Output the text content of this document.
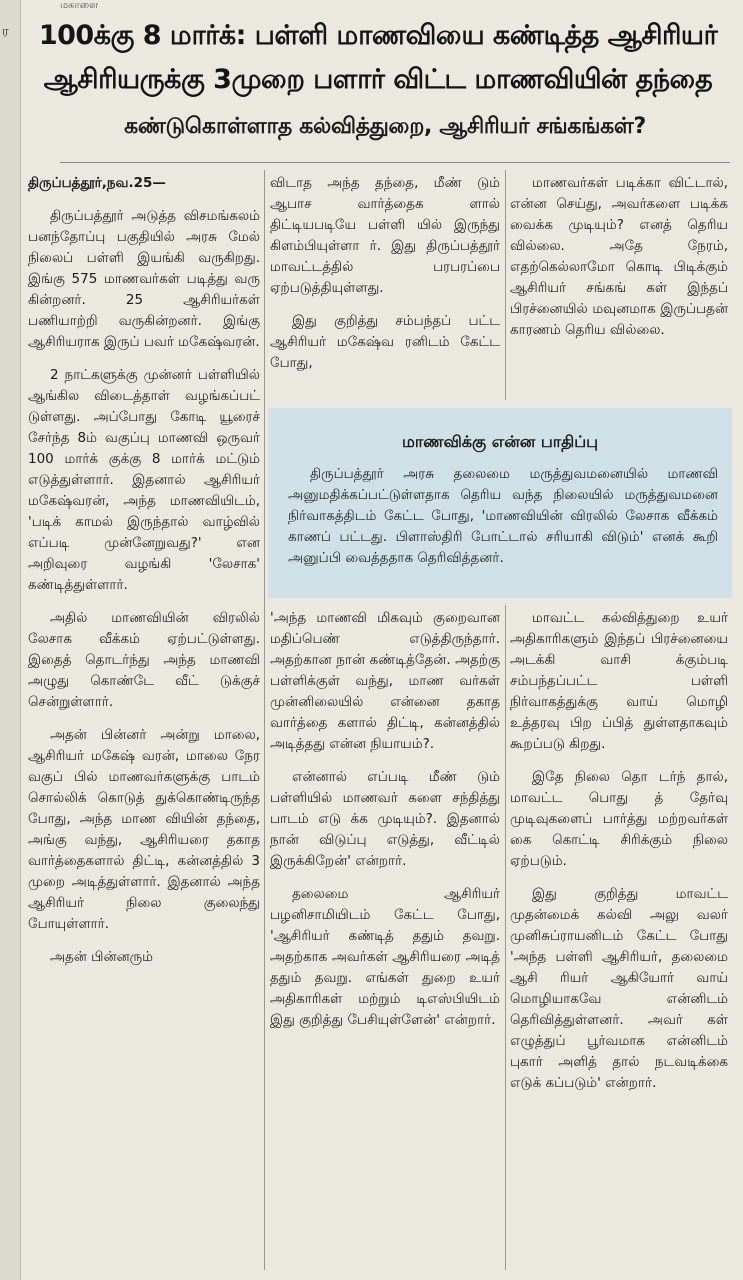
ர
மகாளை
100க்கு 8 மார்க்: பள்ளி மாணவியை கண்டித்த ஆசிரியர்
ஆசிரியருக்கு 3முறை பளார் விட்ட மாணவியின் தந்தை
கண்டுகொள்ளாத கல்வித்துறை, ஆசிரியர் சங்கங்கள்?

திருப்பத்தூர்,நவ.25—

திருப்பத்தூர் அடுத்த விசமங்கலம் பனந்தோப்பு பகுதியில் அரசு மேல் நிலைப் பள்ளி இயங்கி வருகிறது. இங்கு 575 மாணவர்கள் படித்து வரு கின்றனர். 25 ஆசிரியர்கள் பணியாற்றி வருகின்றனர். இங்கு ஆசிரியராக இருப் பவர் மகேஷ்வரன்.

2 நாட்களுக்கு முன்னர் பள்ளியில் ஆங்கில விடைத்தாள் வழங்கப்பட் டுள்ளது. அப்போது கோடி யூரைச் சேர்ந்த 8ம் வகுப்பு மாணவி ஒருவர் 100 மார்க் குக்கு 8 மார்க் மட்டும் எடுத்துள்ளார். இதனால் ஆசிரியர் மகேஷ்வரன், அந்த மாணவியிடம், 'படிக் காமல் இருந்தால் வாழ்வில் எப்படி முன்னேறுவது?' என அறிவுரை வழங்கி 'லேசாக' கண்டித்துள்ளார்.

அதில் மாணவியின் விரலில் லேசாக வீக்கம் ஏற்பட்டுள்ளது. இதைத் தொடர்ந்து அந்த மாணவி அழுது கொண்டே வீட் டுக்குச் சென்றுள்ளார்.

அதன் பின்னர் அன்று மாலை, ஆசிரியர் மகேஷ் வரன், மாலை நேர வகுப் பில் மாணவர்களுக்கு பாடம் சொல்லிக் கொடுத் துக்கொண்டிருந்த போது, அந்த மாண வியின் தந்தை, அங்கு வந்து, ஆசிரியரை தகாத வார்த்தைகளால் திட்டி, கன்னத்தில் 3 முறை அடித்துள்ளார். இதனால் அந்த ஆசிரியர் நிலை குலைந்து போயுள்ளார்.

அதன் பின்னரும்

விடாத அந்த தந்தை, மீண் டும் ஆபாச வார்த்தைக ளால் திட்டியபடியே பள்ளி யில் இருந்து கிளம்பியுள்ளா ர். இது திருப்பத்தூர் மாவட்டத்தில் பரபரப்பை ஏற்படுத்தியுள்ளது.

இது குறித்து சம்பந்தப் பட்ட ஆசிரியர் மகேஷ்வ ரனிடம் கேட்ட போது,

மாணவர்கள் படிக்கா விட்டால், என்ன செய்து, அவர்களை படிக்க வைக்க முடியும்? எனத் தெரிய வில்லை. அதே நேரம், எதற்கெல்லாமோ கொடி பிடிக்கும் ஆசிரியர் சங்கங் கள் இந்தப் பிரச்னையில் மவுனமாக இருப்பதன் காரணம் தெரிய வில்லை.

மாணவிக்கு என்ன பாதிப்பு
திருப்பத்தூர் அரசு தலைமை மருத்துவமனையில் மாணவி அனுமதிக்கப்பட்டுள்ளதாக தெரிய வந்த நிலையில் மருத்துவமனை நிர்வாகத்திடம் கேட்ட போது, 'மாணவியின் விரலில் லேசாக வீக்கம் காணப் பட்டது. பிளாஸ்திரி போட்டால் சரியாகி விடும்' எனக் கூறி அனுப்பி வைத்ததாக தெரிவித்தனர்.

'அந்த மாணவி மிகவும் குறைவான மதிப்பெண் எடுத்திருந்தார். அதற்கான நான் கண்டித்தேன். அதற்கு பள்ளிக்குள் வந்து, மாண வர்கள் முன்னிலையில் என்னை தகாத வார்த்தை களால் திட்டி, கன்னத்தில் அடித்தது என்ன நியாயம்?.

என்னால் எப்படி மீண் டும் பள்ளியில் மாணவர் களை சந்தித்து பாடம் எடு க்க முடியும்?. இதனால் நான் விடுப்பு எடுத்து, வீட்டில் இருக்கிறேன்' என்றார்.

தலைமை ஆசிரியர் பழனிசாமியிடம் கேட்ட போது, 'ஆசிரியர் கண்டித் ததும் தவறு. அதற்காக அவர்கள் ஆசிரியரை அடித் ததும் தவறு. எங்கள் துறை உயர் அதிகாரிகள் மற்றும் டிஎஸ்பியிடம் இது குறித்து பேசியுள்ளேன்' என்றார்.

மாவட்ட கல்வித்துறை உயர் அதிகாரிகளும் இந்தப் பிரச்னையை அடக்கி வாசி க்கும்படி சம்பந்தப்பட்ட பள்ளி நிர்வாகத்துக்கு வாய் மொழி உத்தரவு பிற ப்பித் துள்ளதாகவும் கூறப்படு கிறது.

இதே நிலை தொ டர்ந் தால், மாவட்ட பொது த் தேர்வு முடிவுகளைப் பார்த்து மற்றவர்கள் கை கொட்டி சிரிக்கும் நிலை ஏற்படும்.

இது குறித்து மாவட்ட முதன்மைக் கல்வி அலு வலர் முனிசுப்ராயனிடம் கேட்ட போது 'அந்த பள்ளி ஆசிரியர், தலைமை ஆசி ரியர் ஆகியோர் வாய் மொழியாகவே என்னிடம் தெரிவித்துள்ளனர். அவர் கள் எழுத்துப் பூர்வமாக என்னிடம் புகார் அளித் தால் நடவடிக்கை எடுக் கப்படும்' என்றார்.
